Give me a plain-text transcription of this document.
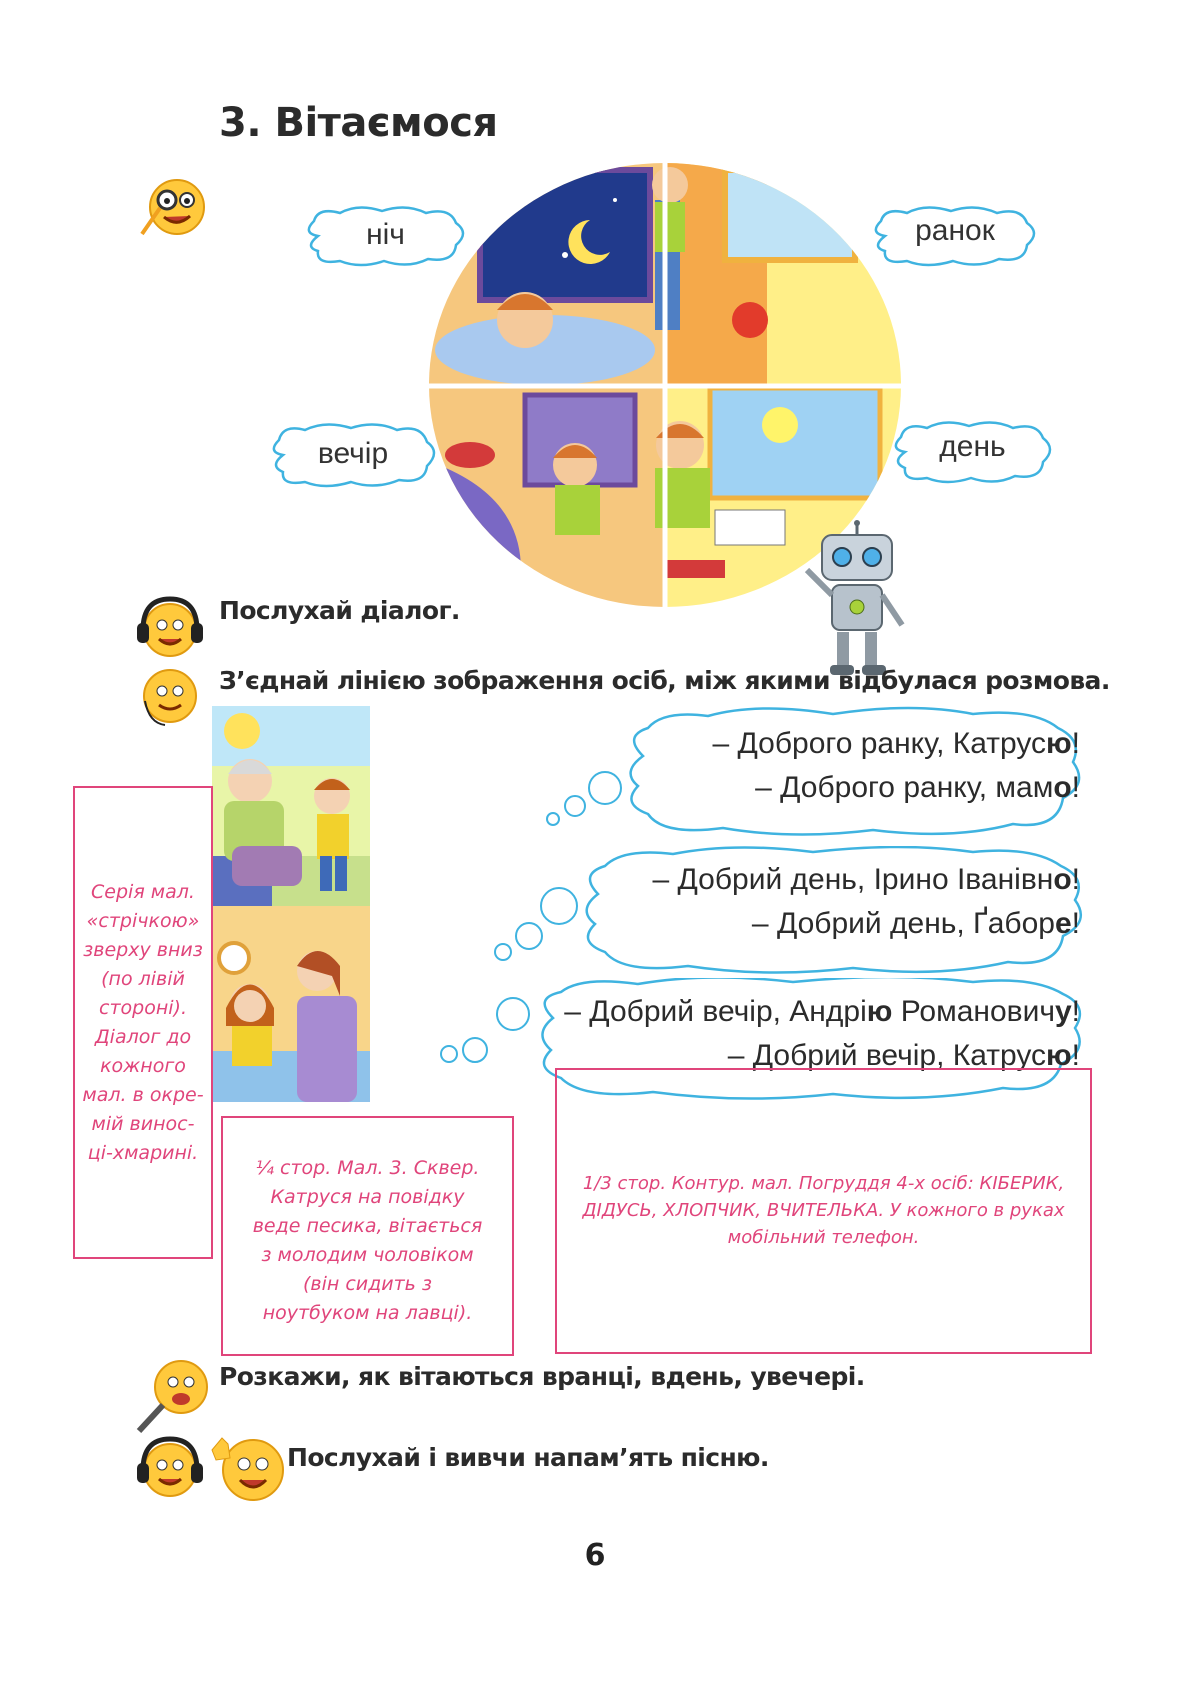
3. Вітаємося
ніч	ранок
вечір	день
Послухай діалог.
З’єднай лінією зображення осіб, між якими відбулася розмова.
– Доброго ранку, Катрусю!
– Доброго ранку, мамо!
– Добрий день, Ірино Іванівно!
– Добрий день, Ґаборе!
– Добрий вечір, Андрію Романовичу!
– Добрий вечір, Катрусю!
Серія мал. «стрічкою» зверху вниз (по лівій стороні). Діалог до кожного мал. в окре-мій винос-ці-хмарині.
¼ стор. Мал. 3. Сквер. Катруся на повідку веде песика, вітається з молодим чоловіком (він сидить з ноутбуком на лавці).
1/3 стор. Контур. мал. Погруддя 4-х осіб: КІБЕРИК, ДІДУСЬ, ХЛОПЧИК, ВЧИТЕЛЬКА. У кожного в руках мобільний телефон.
Розкажи, як вітаються вранці, вдень, увечері.
Послухай і вивчи напам’ять пісню.
6
